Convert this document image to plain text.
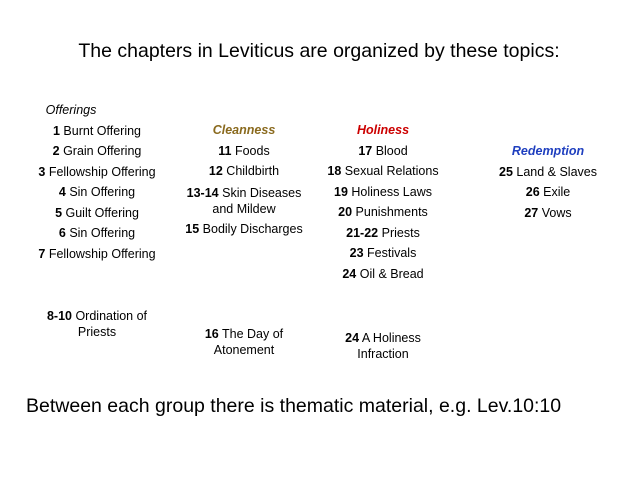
The chapters in Leviticus are organized by these topics:
Offerings
1 Burnt Offering
2 Grain Offering
3 Fellowship Offering
4 Sin Offering
5 Guilt Offering
6 Sin Offering
7 Fellowship Offering
8-10 Ordination of
Priests
Cleanness
11 Foods
12 Childbirth
13-14 Skin Diseases
and Mildew
15 Bodily Discharges
16 The Day of
Atonement
Holiness
17 Blood
18 Sexual Relations
19 Holiness Laws
20 Punishments
21-22 Priests
23 Festivals
24 Oil & Bread
24 A Holiness
Infraction
Redemption
25 Land & Slaves
26 Exile
27 Vows
Between each group there is thematic material, e.g. Lev.10:10
